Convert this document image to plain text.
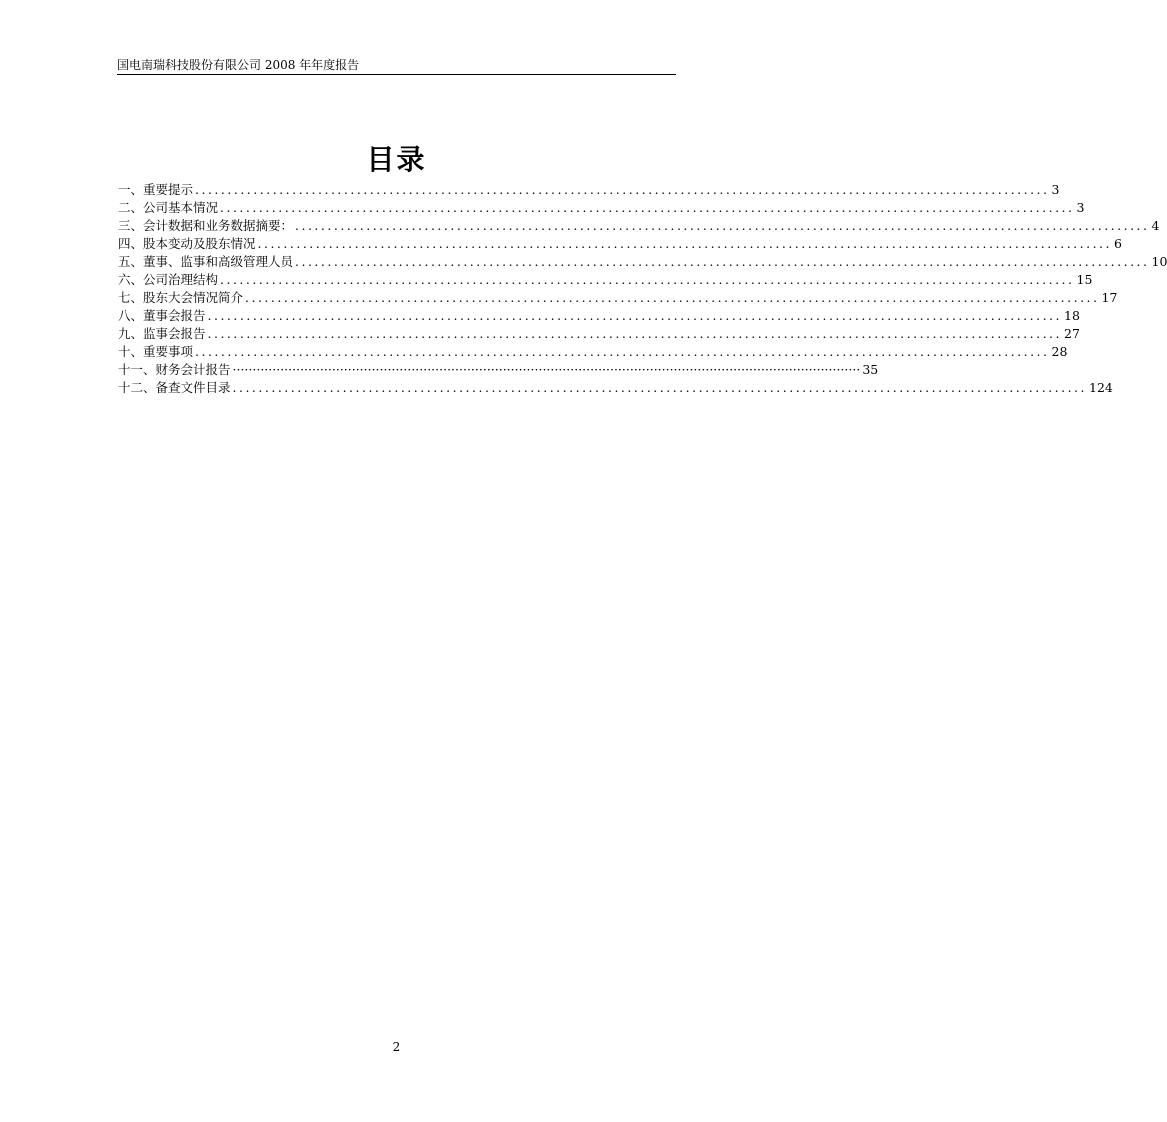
国电南瑞科技股份有限公司 2008 年年度报告
目录
一、重要提示 .................................................................................................................................... 3
二、公司基本情况 .................................................................................................................................... 3
三、会计数据和业务数据摘要： .................................................................................................................................... 4
四、股本变动及股东情况 .................................................................................................................................... 6
五、董事、监事和高级管理人员 .................................................................................................................................... 10
六、公司治理结构 .................................................................................................................................... 15
七、股东大会情况简介 .................................................................................................................................... 17
八、董事会报告 .................................................................................................................................... 18
九、监事会报告 .................................................................................................................................... 27
十、重要事项 .................................................................................................................................... 28
十一、财务会计报告 ······························································································································································ 35
十二、备查文件目录 .................................................................................................................................... 124
2
